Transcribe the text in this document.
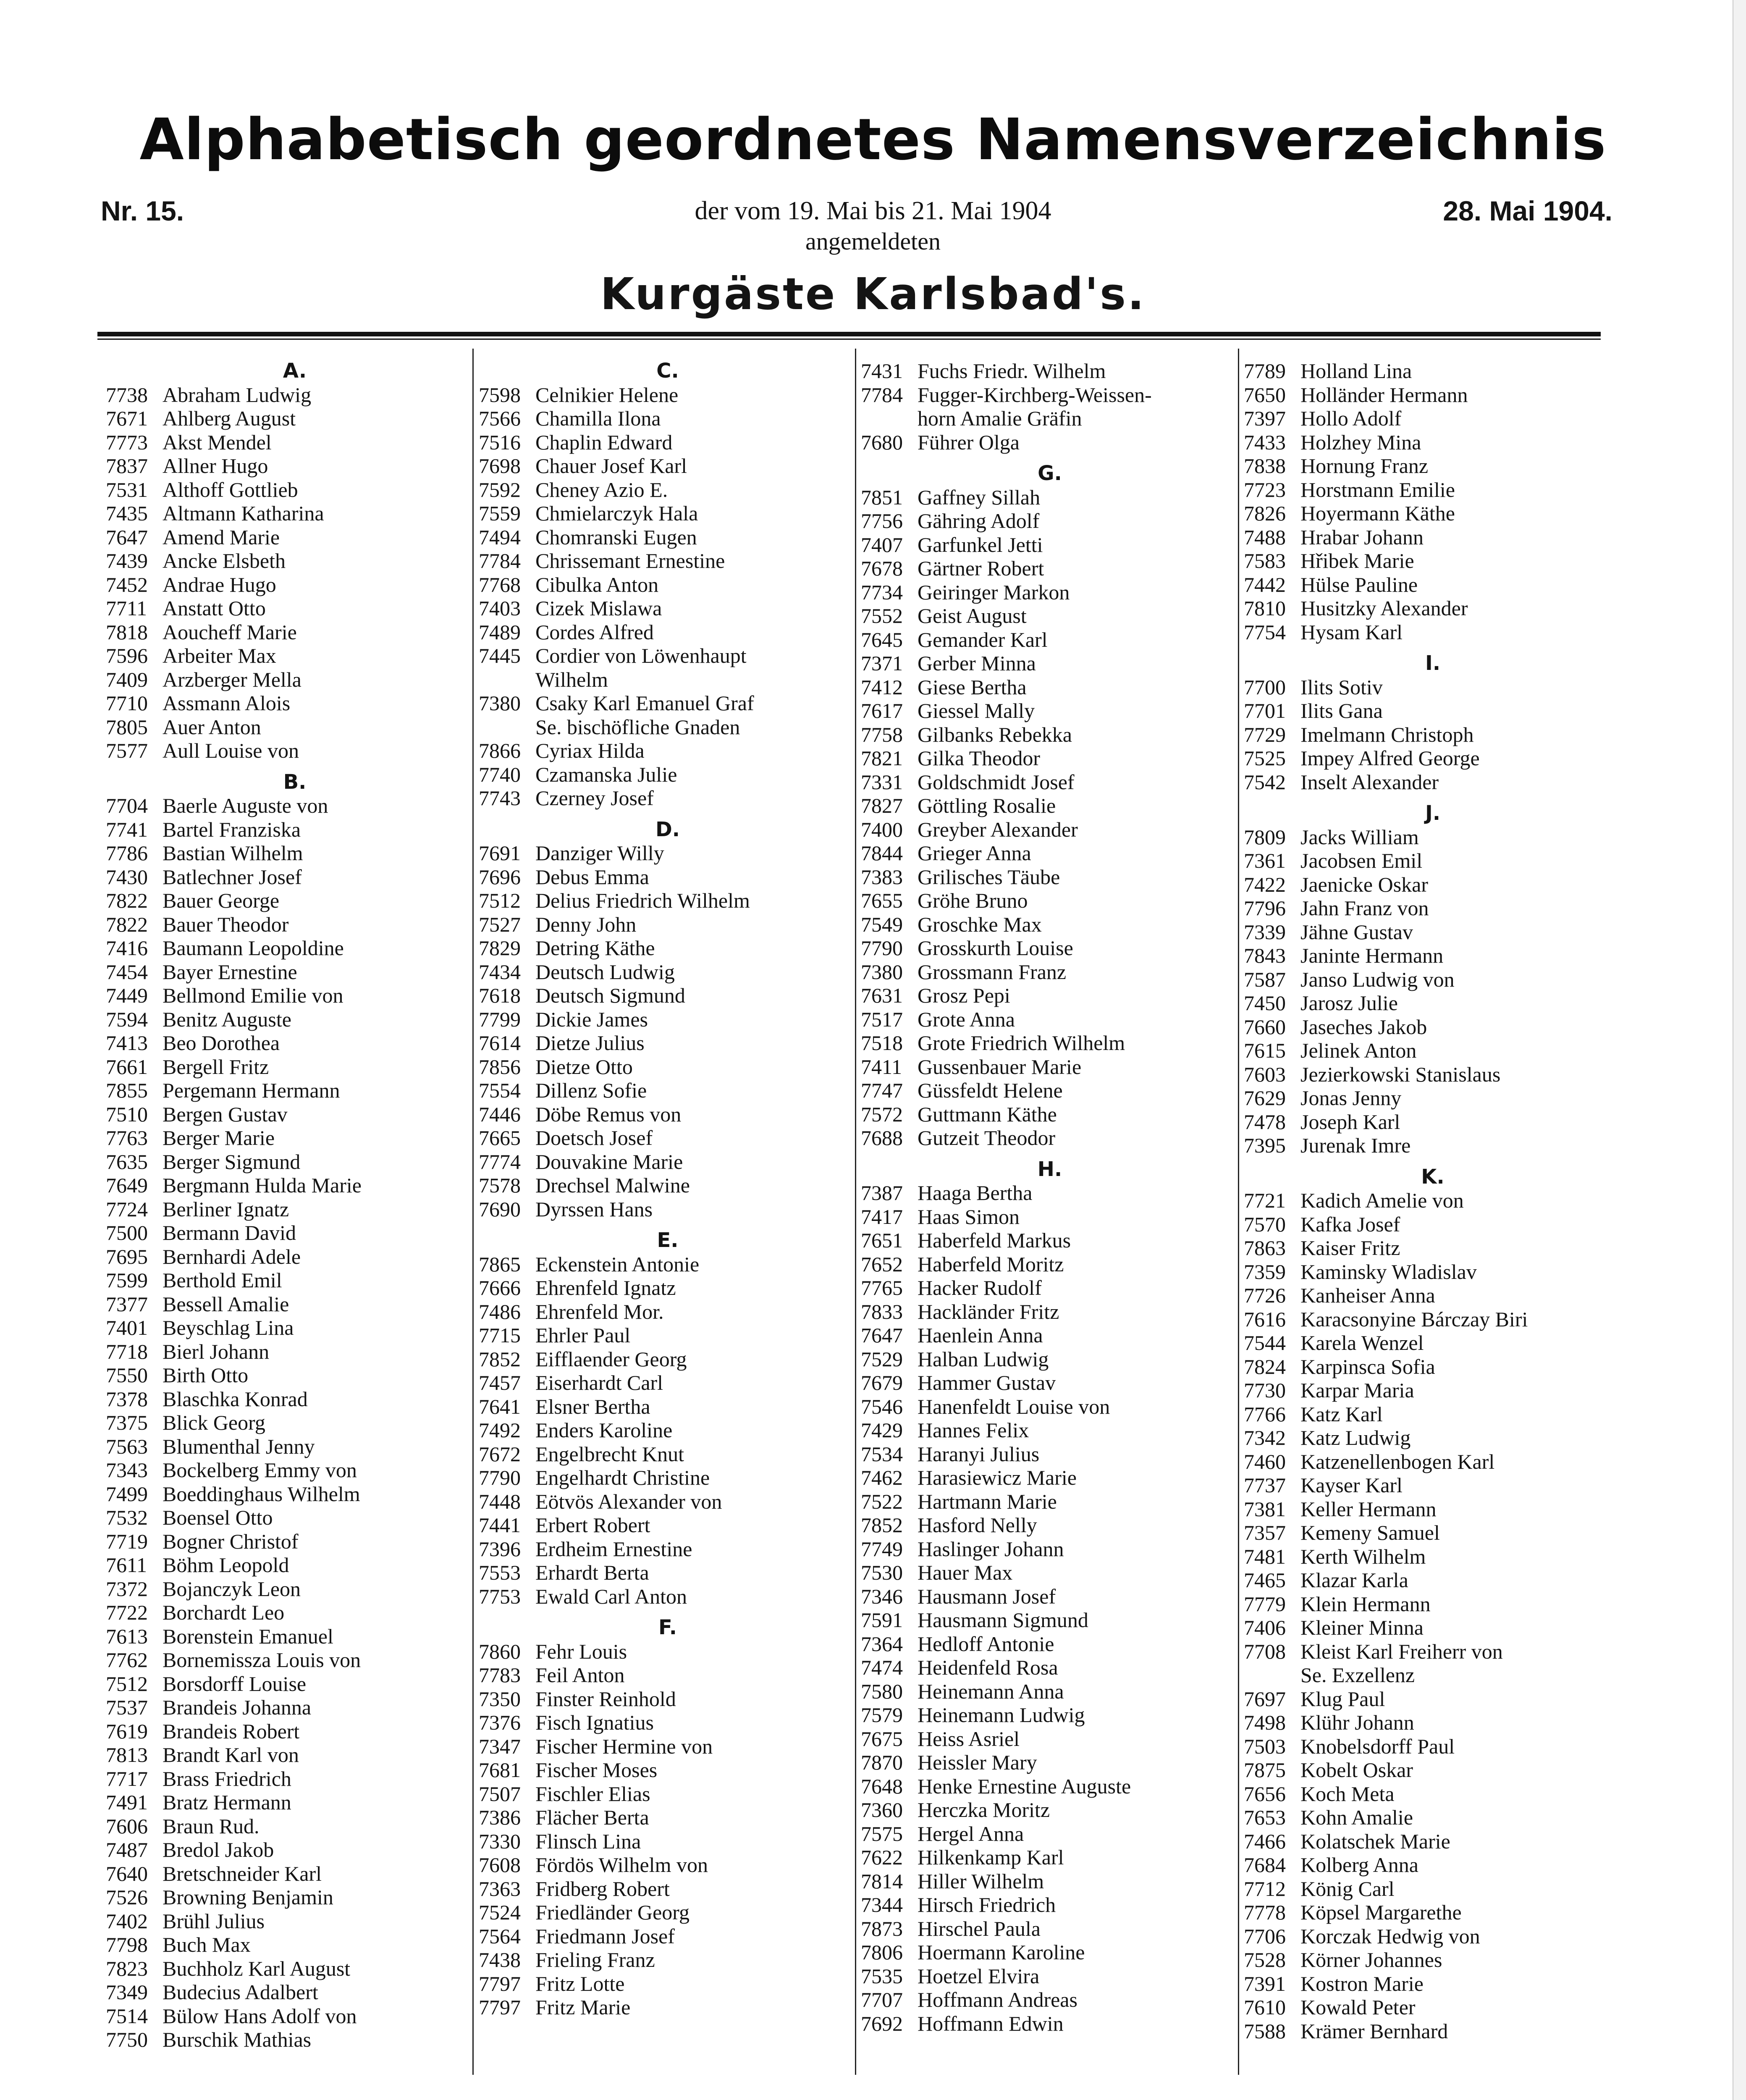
Alphabetisch geordnetes Namensverzeichnis
Nr. 15.	der vom 19. Mai bis 21. Mai 1904	28. Mai 1904.
angemeldeten
Kurgäste Karlsbad's.
A.
7738 Abraham Ludwig
7671 Ahlberg August
7773 Akst Mendel
7837 Allner Hugo
7531 Althoff Gottlieb
7435 Altmann Katharina
7647 Amend Marie
7439 Ancke Elsbeth
7452 Andrae Hugo
7711 Anstatt Otto
7818 Aoucheff Marie
7596 Arbeiter Max
7409 Arzberger Mella
7710 Assmann Alois
7805 Auer Anton
7577 Aull Louise von
B.
7704 Baerle Auguste von
7741 Bartel Franziska
7786 Bastian Wilhelm
7430 Batlechner Josef
7822 Bauer George
7822 Bauer Theodor
7416 Baumann Leopoldine
7454 Bayer Ernestine
7449 Bellmond Emilie von
7594 Benitz Auguste
7413 Beo Dorothea
7661 Bergell Fritz
7855 Pergemann Hermann
7510 Bergen Gustav
7763 Berger Marie
7635 Berger Sigmund
7649 Bergmann Hulda Marie
7724 Berliner Ignatz
7500 Bermann David
7695 Bernhardi Adele
7599 Berthold Emil
7377 Bessell Amalie
7401 Beyschlag Lina
7718 Bierl Johann
7550 Birth Otto
7378 Blaschka Konrad
7375 Blick Georg
7563 Blumenthal Jenny
7343 Bockelberg Emmy von
7499 Boeddinghaus Wilhelm
7532 Boensel Otto
7719 Bogner Christof
7611 Böhm Leopold
7372 Bojanczyk Leon
7722 Borchardt Leo
7613 Borenstein Emanuel
7762 Bornemissza Louis von
7512 Borsdorff Louise
7537 Brandeis Johanna
7619 Brandeis Robert
7813 Brandt Karl von
7717 Brass Friedrich
7491 Bratz Hermann
7606 Braun Rud.
7487 Bredol Jakob
7640 Bretschneider Karl
7526 Browning Benjamin
7402 Brühl Julius
7798 Buch Max
7823 Buchholz Karl August
7349 Budecius Adalbert
7514 Bülow Hans Adolf von
7750 Burschik Mathias
C.
7598 Celnikier Helene
7566 Chamilla Ilona
7516 Chaplin Edward
7698 Chauer Josef Karl
7592 Cheney Azio E.
7559 Chmielarczyk Hala
7494 Chomranski Eugen
7784 Chrissemant Ernestine
7768 Cibulka Anton
7403 Cizek Mislawa
7489 Cordes Alfred
7445 Cordier von Löwenhaupt
Wilhelm
7380 Csaky Karl Emanuel Graf
Se. bischöfliche Gnaden
7866 Cyriax Hilda
7740 Czamanska Julie
7743 Czerney Josef
D.
7691 Danziger Willy
7696 Debus Emma
7512 Delius Friedrich Wilhelm
7527 Denny John
7829 Detring Käthe
7434 Deutsch Ludwig
7618 Deutsch Sigmund
7799 Dickie James
7614 Dietze Julius
7856 Dietze Otto
7554 Dillenz Sofie
7446 Döbe Remus von
7665 Doetsch Josef
7774 Douvakine Marie
7578 Drechsel Malwine
7690 Dyrssen Hans
E.
7865 Eckenstein Antonie
7666 Ehrenfeld Ignatz
7486 Ehrenfeld Mor.
7715 Ehrler Paul
7852 Eifflaender Georg
7457 Eiserhardt Carl
7641 Elsner Bertha
7492 Enders Karoline
7672 Engelbrecht Knut
7790 Engelhardt Christine
7448 Eötvös Alexander von
7441 Erbert Robert
7396 Erdheim Ernestine
7553 Erhardt Berta
7753 Ewald Carl Anton
F.
7860 Fehr Louis
7783 Feil Anton
7350 Finster Reinhold
7376 Fisch Ignatius
7347 Fischer Hermine von
7681 Fischer Moses
7507 Fischler Elias
7386 Flächer Berta
7330 Flinsch Lina
7608 Fördös Wilhelm von
7363 Fridberg Robert
7524 Friedländer Georg
7564 Friedmann Josef
7438 Frieling Franz
7797 Fritz Lotte
7797 Fritz Marie
7431 Fuchs Friedr. Wilhelm
7784 Fugger-Kirchberg-Weissen-
horn Amalie Gräfin
7680 Führer Olga
G.
7851 Gaffney Sillah
7756 Gähring Adolf
7407 Garfunkel Jetti
7678 Gärtner Robert
7734 Geiringer Markon
7552 Geist August
7645 Gemander Karl
7371 Gerber Minna
7412 Giese Bertha
7617 Giessel Mally
7758 Gilbanks Rebekka
7821 Gilka Theodor
7331 Goldschmidt Josef
7827 Göttling Rosalie
7400 Greyber Alexander
7844 Grieger Anna
7383 Grilisches Täube
7655 Gröhe Bruno
7549 Groschke Max
7790 Grosskurth Louise
7380 Grossmann Franz
7631 Grosz Pepi
7517 Grote Anna
7518 Grote Friedrich Wilhelm
7411 Gussenbauer Marie
7747 Güssfeldt Helene
7572 Guttmann Käthe
7688 Gutzeit Theodor
H.
7387 Haaga Bertha
7417 Haas Simon
7651 Haberfeld Markus
7652 Haberfeld Moritz
7765 Hacker Rudolf
7833 Hackländer Fritz
7647 Haenlein Anna
7529 Halban Ludwig
7679 Hammer Gustav
7546 Hanenfeldt Louise von
7429 Hannes Felix
7534 Haranyi Julius
7462 Harasiewicz Marie
7522 Hartmann Marie
7852 Hasford Nelly
7749 Haslinger Johann
7530 Hauer Max
7346 Hausmann Josef
7591 Hausmann Sigmund
7364 Hedloff Antonie
7474 Heidenfeld Rosa
7580 Heinemann Anna
7579 Heinemann Ludwig
7675 Heiss Asriel
7870 Heissler Mary
7648 Henke Ernestine Auguste
7360 Herczka Moritz
7575 Hergel Anna
7622 Hilkenkamp Karl
7814 Hiller Wilhelm
7344 Hirsch Friedrich
7873 Hirschel Paula
7806 Hoermann Karoline
7535 Hoetzel Elvira
7707 Hoffmann Andreas
7692 Hoffmann Edwin
7789 Holland Lina
7650 Holländer Hermann
7397 Hollo Adolf
7433 Holzhey Mina
7838 Hornung Franz
7723 Horstmann Emilie
7826 Hoyermann Käthe
7488 Hrabar Johann
7583 Hřibek Marie
7442 Hülse Pauline
7810 Husitzky Alexander
7754 Hysam Karl
I.
7700 Ilits Sotiv
7701 Ilits Gana
7729 Imelmann Christoph
7525 Impey Alfred George
7542 Inselt Alexander
J.
7809 Jacks William
7361 Jacobsen Emil
7422 Jaenicke Oskar
7796 Jahn Franz von
7339 Jähne Gustav
7843 Janinte Hermann
7587 Janso Ludwig von
7450 Jarosz Julie
7660 Jaseches Jakob
7615 Jelinek Anton
7603 Jezierkowski Stanislaus
7629 Jonas Jenny
7478 Joseph Karl
7395 Jurenak Imre
K.
7721 Kadich Amelie von
7570 Kafka Josef
7863 Kaiser Fritz
7359 Kaminsky Wladislav
7726 Kanheiser Anna
7616 Karacsonyine Bárczay Biri
7544 Karela Wenzel
7824 Karpinsca Sofia
7730 Karpar Maria
7766 Katz Karl
7342 Katz Ludwig
7460 Katzenellenbogen Karl
7737 Kayser Karl
7381 Keller Hermann
7357 Kemeny Samuel
7481 Kerth Wilhelm
7465 Klazar Karla
7779 Klein Hermann
7406 Kleiner Minna
7708 Kleist Karl Freiherr von
Se. Exzellenz
7697 Klug Paul
7498 Klühr Johann
7503 Knobelsdorff Paul
7875 Kobelt Oskar
7656 Koch Meta
7653 Kohn Amalie
7466 Kolatschek Marie
7684 Kolberg Anna
7712 König Carl
7778 Köpsel Margarethe
7706 Korczak Hedwig von
7528 Körner Johannes
7391 Kostron Marie
7610 Kowald Peter
7588 Krämer Bernhard
